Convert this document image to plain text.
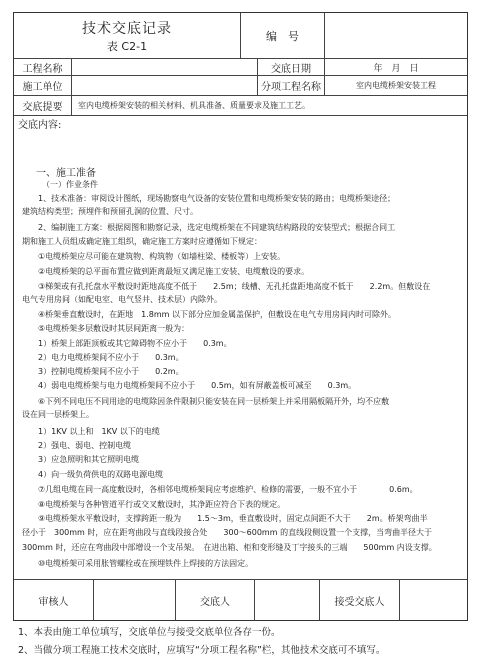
技术交底记录
表 C2-1
编　号
工程名称	交底日期	年　月　日
施工单位	分项工程名称	室内电缆桥架安装工程
交底提要 室内电缆桥架安装的相关材料、机具准备、质量要求及施工工艺。
交底内容:

一、施工准备

（一）作业条件

1、技术准备：审阅设计图纸，现场勘察电气设备的安装位置和电缆桥架安装的路由；电缆桥架途径；

建筑结构类型；预埋件和预留孔洞的位置、尺寸。

2、编制施工方案：根据阅图和勘察记录，选定电缆桥架在不同建筑结构路段的安装型式；根据合同工

期和施工人员组成确定施工组织，确定施工方案时应遵循如下规定：

①电缆桥架应尽可能在建筑物、构筑物（如墙柱梁、楼板等）上安装。

②电缆桥架的总平面布置应做到距离最短又满足施工安装、电缆敷设的要求。

③梯架或有孔托盘水平敷设时距地高度不低于　　2.5m；线槽、无孔托盘距地高度不低于　　2.2m。但敷设在

电气专用房间（如配电室、电气竖井、技术层）内除外。

④桥架垂直敷设时，在距地　1.8mm 以下部分应加金属盖保护，但敷设在电气专用房间内时可除外。

⑤电缆桥架多层敷设时其层间距离一般为：

1）桥架上部距顶板或其它障碍物不应小于　　0.3m。

2）电力电缆桥架间不应小于　　0.3m。

3）控制电缆桥架间不应小于　　0.2m。

4）弱电电缆桥架与电力电缆桥架间不应小于　　0.5m，如有屏蔽盖板可减至　　0.3m。

⑥下列不同电压不同用途的电缆除因条件限制只能安装在同一层桥架上并采用隔板隔开外，均不应敷

设在同一层桥架上。

1）1KV 以上和　1KV 以下的电缆

2）强电、弱电、控制电缆

3）应急照明和其它照明电缆

4）向一级负荷供电的双路电源电缆

⑦几组电缆在同一高度敷设时，各相邻电缆桥架间应考虑维护、检修的需要，一般不宜小于　　　　0.6m。

⑧电缆桥架与各种管道平行或交叉敷设时，其净距应符合下表的规定。

⑨电缆桥架水平敷设时，支撑跨距一般为　　1.5～3m，垂直敷设时，固定点间距不大于　　2m。桥架弯曲半

径小于　300mm 时，应在距弯曲段与直线段接合处　　300～600mm 的直线段侧设置一个支撑，当弯曲半径大于

300mm 时，还应在弯曲段中部增设一个支吊架。　在进出箱、柜和变形缝及丁字接头的三端　　500mm 内设支撑。

⑩电缆桥架可采用胀管螺栓或在预埋铁件上焊接的方法固定。

审核人	交底人	接受交底人
1、本表由施工单位填写，交底单位与接受交底单位各存一份。
2、当做分项工程施工技术交底时，应填写“分项工程名称”栏，其他技术交底可不填写。
